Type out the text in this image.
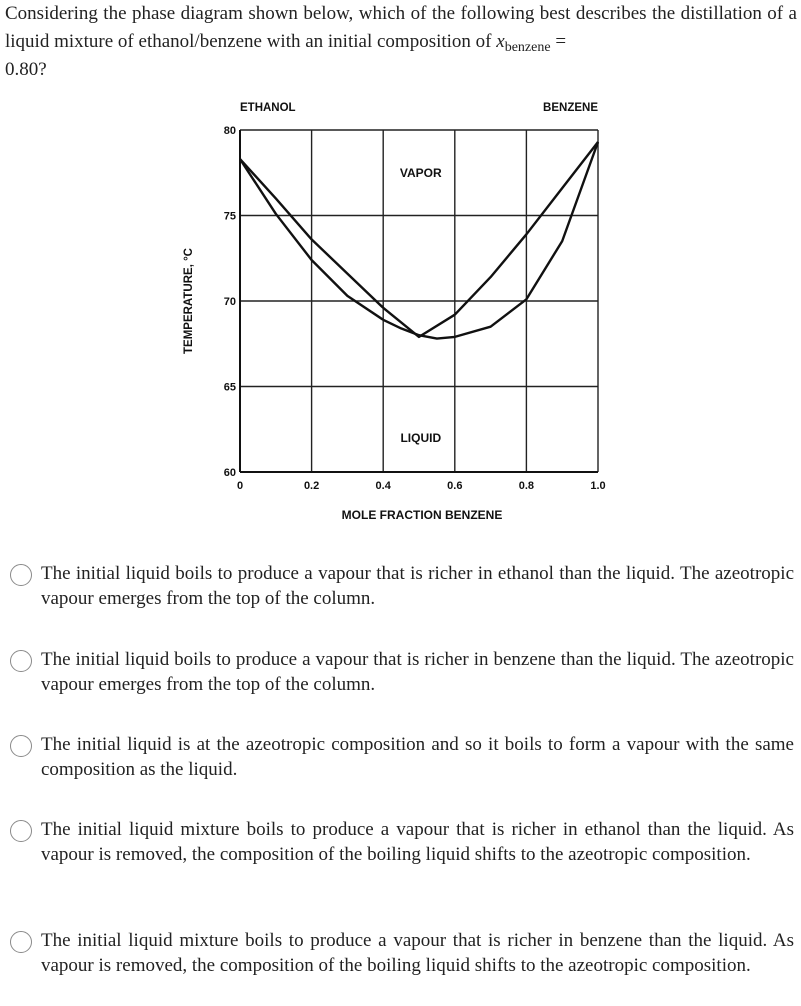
Considering the phase diagram shown below, which of the following best describes the distillation of a liquid mixture of ethanol/benzene with an initial composition of $x_{benzene}$ =
0.80?

0	0.2	0.4	0.6	0.8	1.0
60
65
70
75
80
ETHANOL	BENZENE
MOLE FRACTION BENZENE
TEMPERATURE, °C
VAPOR
LIQUID
The initial liquid boils to produce a vapour that is richer in ethanol than the liquid. The azeotropic vapour emerges from the top of the column.
The initial liquid boils to produce a vapour that is richer in benzene than the liquid. The azeotropic vapour emerges from the top of the column.
The initial liquid is at the azeotropic composition and so it boils to form a vapour with the same composition as the liquid.
The initial liquid mixture boils to produce a vapour that is richer in ethanol than the liquid. As vapour is removed, the composition of the boiling liquid shifts to the azeotropic composition.
The initial liquid mixture boils to produce a vapour that is richer in benzene than the liquid. As vapour is removed, the composition of the boiling liquid shifts to the azeotropic composition.
